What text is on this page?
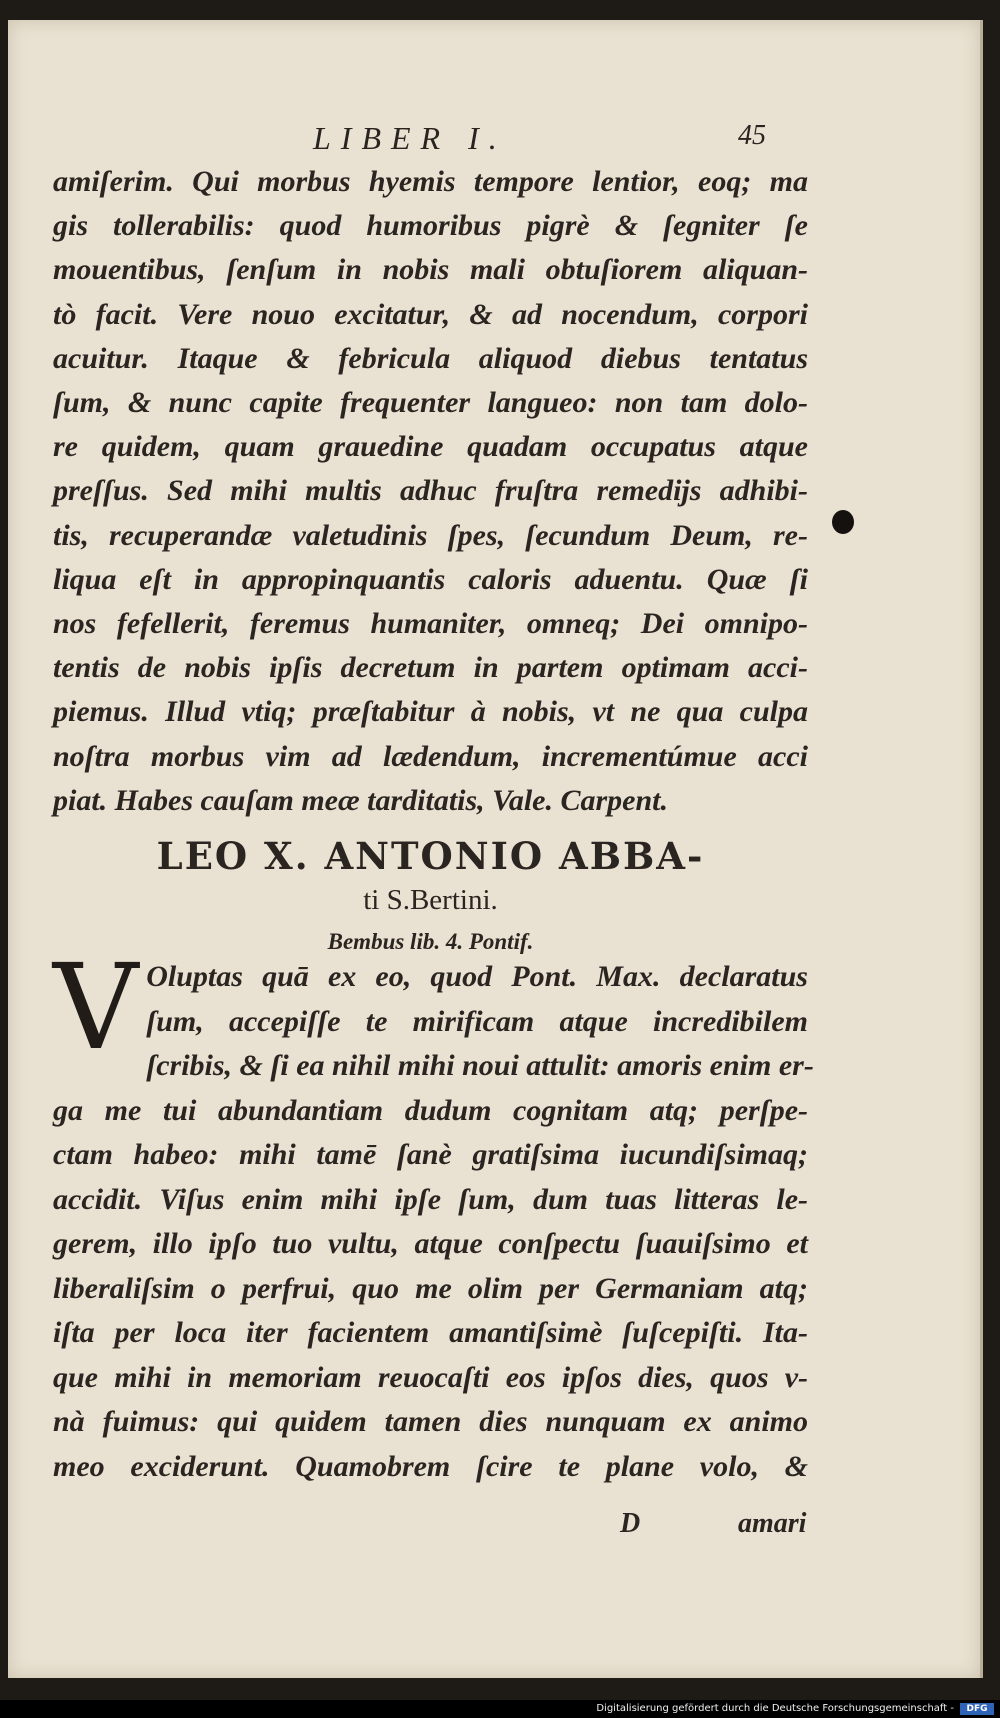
LIBER I.	45
amiſerim. Qui morbus hyemis tempore lentior, eoq; ma
gis tollerabilis: quod humoribus pigrè & ſegniter ſe
mouentibus, ſenſum in nobis mali obtuſiorem aliquan-
tò facit. Vere nouo excitatur, & ad nocendum, corpori
acuitur. Itaque & febricula aliquod diebus tentatus
ſum, & nunc capite frequenter langueo: non tam dolo-
re quidem, quam grauedine quadam occupatus atque
preſſus. Sed mihi multis adhuc fruſtra remedijs adhibi-
tis, recuperandæ valetudinis ſpes, ſecundum Deum, re-
liqua eſt in appropinquantis caloris aduentu. Quæ ſi
nos fefellerit, feremus humaniter, omneq; Dei omnipo-
tentis de nobis ipſis decretum in partem optimam acci-
piemus. Illud vtiq; præſtabitur à nobis, vt ne qua culpa
noſtra morbus vim ad lædendum, incrementúmue acci
piat. Habes cauſam meæ tarditatis, Vale. Carpent.
LEO X. ANTONIO ABBA-
ti S.Bertini.
Bembus lib. 4. Pontif.
V Oluptas quā ex eo, quod Pont. Max. declaratus
ſum, accepiſſe te mirificam atque incredibilem
ſcribis, & ſi ea nihil mihi noui attulit: amoris enim er-
ga me tui abundantiam dudum cognitam atq; perſpe-
ctam habeo: mihi tamē ſanè gratiſsima iucundiſsimaq;
accidit. Viſus enim mihi ipſe ſum, dum tuas litteras le-
gerem, illo ipſo tuo vultu, atque conſpectu ſuauiſsimo et
liberaliſsim o perfrui, quo me olim per Germaniam atq;
iſta per loca iter facientem amantiſsimè ſuſcepiſti. Ita-
que mihi in memoriam reuocaſti eos ipſos dies, quos v-
nà fuimus: qui quidem tamen dies nunquam ex animo
meo exciderunt. Quamobrem ſcire te plane volo, &
D	amari
Digitalisierung gefördert durch die Deutsche Forschungsgemeinschaft -	DFG
